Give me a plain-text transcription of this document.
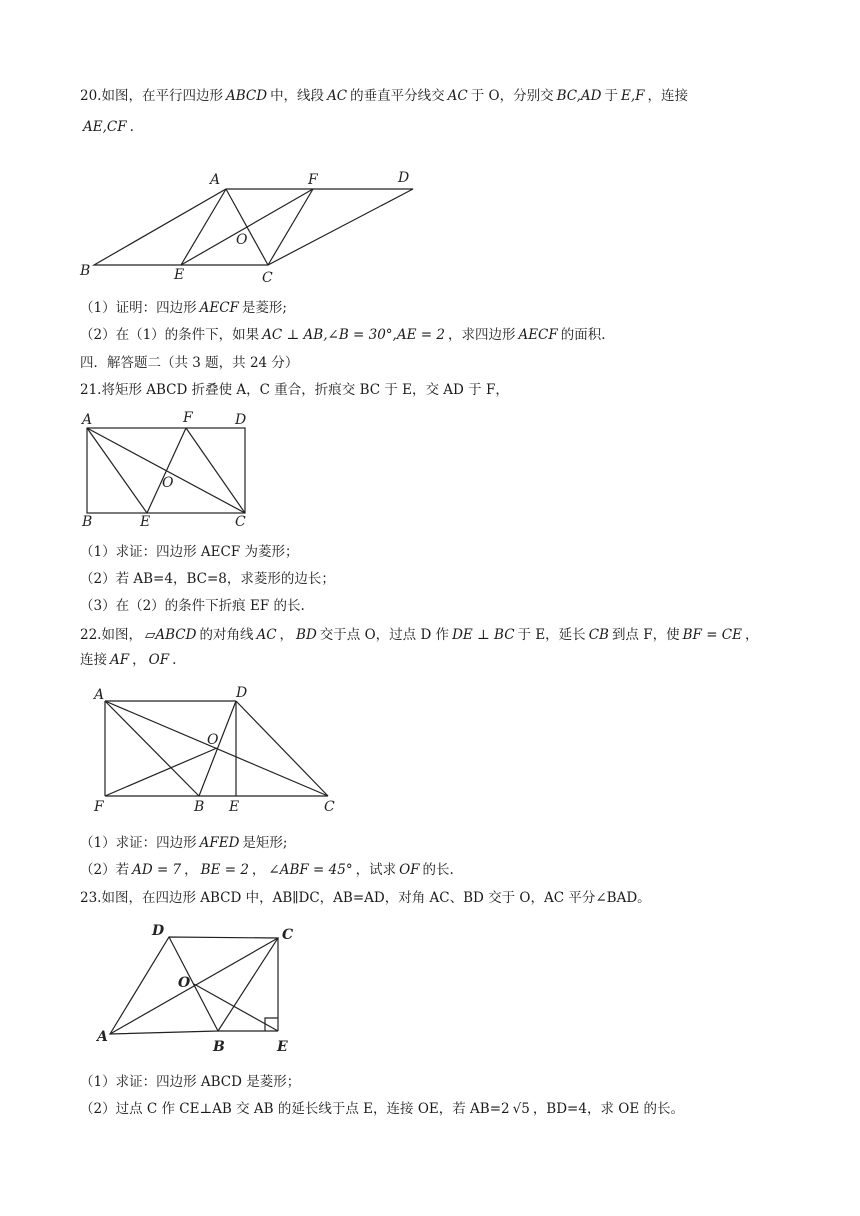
20.如图，在平行四边形 ABCD 中，线段 AC 的垂直平分线交 AC 于 O，分别交 BC,AD 于 E,F ，连接
AE,CF .
A	F	D
O
B	E	C
（1）证明：四边形 AECF 是菱形;
（2）在（1）的条件下，如果 AC ⊥ AB,∠B = 30°,AE = 2 ，求四边形 AECF 的面积.
四．解答题二（共 3 题，共 24 分）
21.将矩形 ABCD 折叠使 A，C 重合，折痕交 BC 于 E，交 AD 于 F，
A	F	D
O
B	E	C
（1）求证：四边形 AECF 为菱形；
（2）若 AB=4，BC=8，求菱形的边长；
（3）在（2）的条件下折痕 EF 的长.
22.如图， ▱ABCD 的对角线 AC ， BD 交于点 O，过点 D 作 DE ⊥ BC 于 E，延长 CB 到点 F，使 BF = CE ，
连接 AF ， OF .
A	D
O
F	B E	C
（1）求证：四边形 AFED 是矩形;
（2）若 AD = 7 ， BE = 2 ， ∠ABF = 45° ，试求 OF 的长.
23.如图，在四边形 ABCD 中，AB∥DC，AB=AD，对角 AC、BD 交于 O，AC 平分∠BAD。
D	C
O
A
B	E
（1）求证：四边形 ABCD 是菱形；
（2）过点 C 作 CE⊥AB 交 AB 的延长线于点 E，连接 OE，若 AB=2 √5 ，BD=4，求 OE 的长。
